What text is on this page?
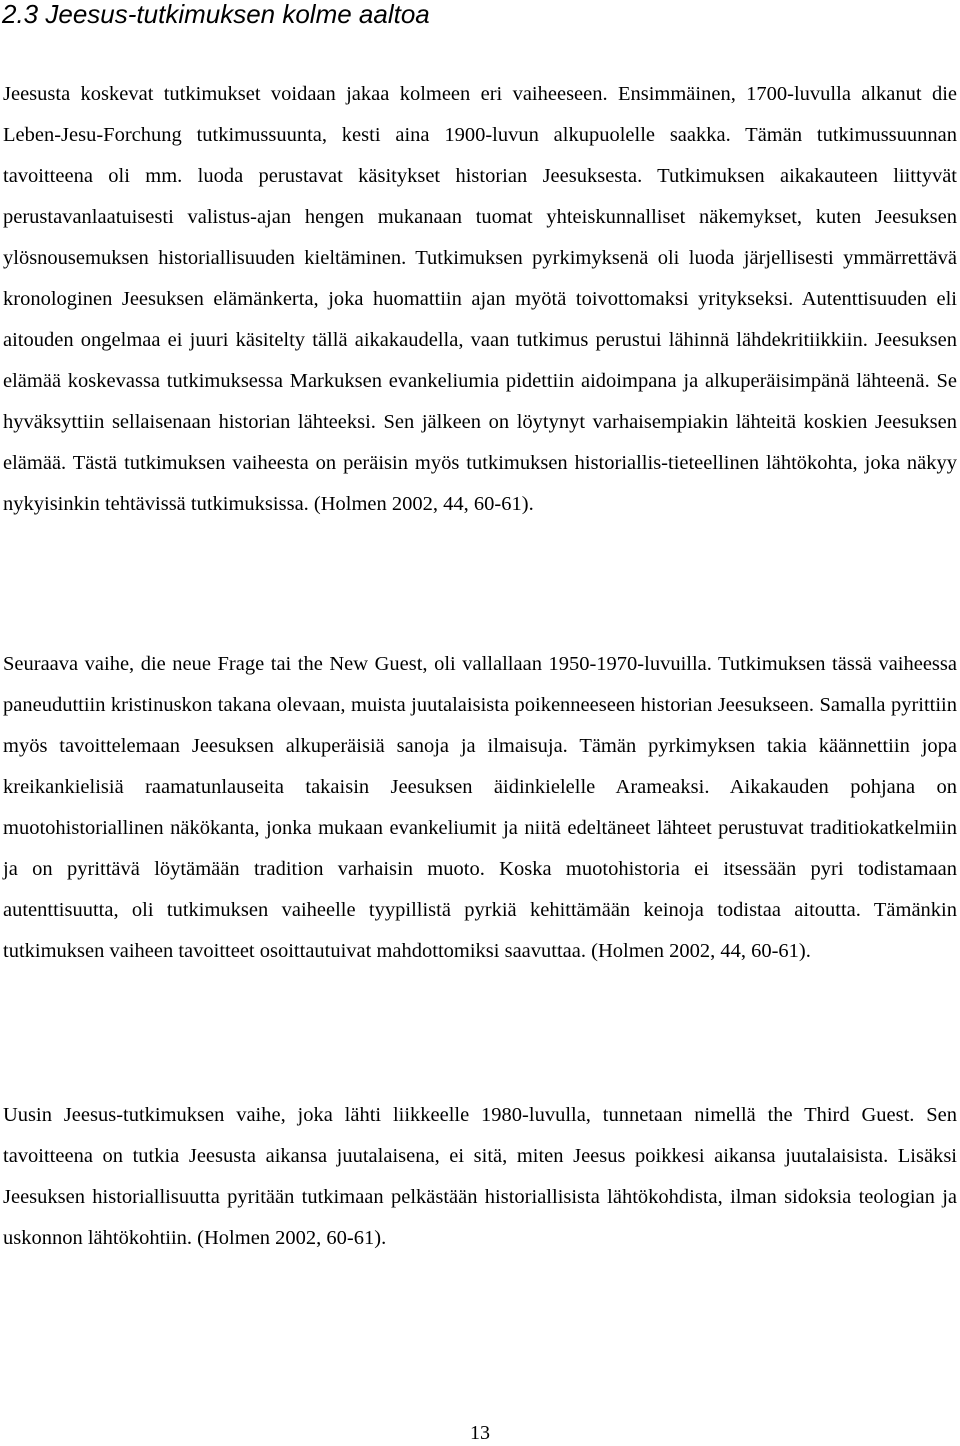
2.3 Jeesus-tutkimuksen kolme aaltoa

Jeesusta koskevat tutkimukset voidaan jakaa kolmeen eri vaiheeseen. Ensimmäinen, 1700-luvulla alkanut die Leben-Jesu-Forchung tutkimussuunta, kesti aina 1900-luvun alkupuolelle saakka. Tämän tutkimussuunnan tavoitteena oli mm. luoda perustavat käsitykset historian Jeesuksesta. Tutkimuksen aikakauteen liittyvät perustavanlaatuisesti valistus-ajan hengen mukanaan tuomat yhteiskunnalliset näkemykset, kuten Jeesuksen ylösnousemuksen historiallisuuden kieltäminen. Tutkimuksen pyrkimyksenä oli luoda järjellisesti ymmärrettävä kronologinen Jeesuksen elämänkerta, joka huomattiin ajan myötä toivottomaksi yritykseksi. Autenttisuuden eli aitouden ongelmaa ei juuri käsitelty tällä aikakaudella, vaan tutkimus perustui lähinnä lähdekritiikkiin. Jeesuksen elämää koskevassa tutkimuksessa Markuksen evankeliumia pidettiin aidoimpana ja alkuperäisimpänä lähteenä. Se hyväksyttiin sellaisenaan historian lähteeksi. Sen jälkeen on löytynyt varhaisempiakin lähteitä koskien Jeesuksen elämää. Tästä tutkimuksen vaiheesta on peräisin myös tutkimuksen historiallis-tieteellinen lähtökohta, joka näkyy nykyisinkin tehtävissä tutkimuksissa. (Holmen 2002, 44, 60-61).

Seuraava vaihe, die neue Frage tai the New Guest, oli vallallaan 1950-1970-luvuilla. Tutkimuksen tässä vaiheessa paneuduttiin kristinuskon takana olevaan, muista juutalaisista poikenneeseen historian Jeesukseen. Samalla pyrittiin myös tavoittelemaan Jeesuksen alkuperäisiä sanoja ja ilmaisuja. Tämän pyrkimyksen takia käännettiin jopa kreikankielisiä raamatunlauseita takaisin Jeesuksen äidinkielelle Arameaksi. Aikakauden pohjana on muotohistoriallinen näkökanta, jonka mukaan evankeliumit ja niitä edeltäneet lähteet perustuvat traditiokatkelmiin ja on pyrittävä löytämään tradition varhaisin muoto. Koska muotohistoria ei itsessään pyri todistamaan autenttisuutta, oli tutkimuksen vaiheelle tyypillistä pyrkiä kehittämään keinoja todistaa aitoutta. Tämänkin tutkimuksen vaiheen tavoitteet osoittautuivat mahdottomiksi saavuttaa. (Holmen 2002, 44, 60-61).

Uusin Jeesus-tutkimuksen vaihe, joka lähti liikkeelle 1980-luvulla, tunnetaan nimellä the Third Guest. Sen tavoitteena on tutkia Jeesusta aikansa juutalaisena, ei sitä, miten Jeesus poikkesi aikansa juutalaisista. Lisäksi Jeesuksen historiallisuutta pyritään tutkimaan pelkästään historiallisista lähtökohdista, ilman sidoksia teologian ja uskonnon lähtökohtiin. (Holmen 2002, 60-61).

13
